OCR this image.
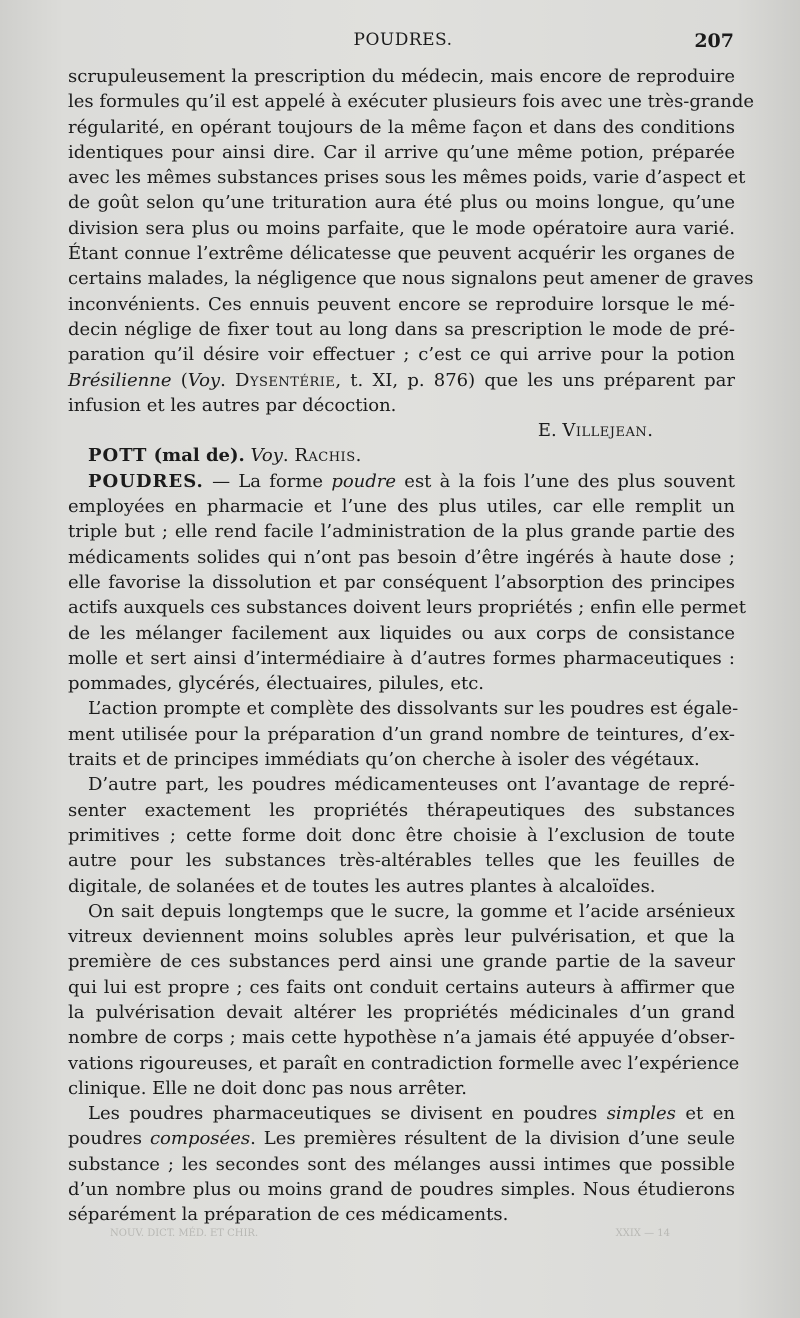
POUDRES.	207
scrupuleusement la prescription du médecin, mais encore de reproduire
les formules qu’il est appelé à exécuter plusieurs fois avec une très-grande
régularité, en opérant toujours de la même façon et dans des conditions
identiques pour ainsi dire. Car il arrive qu’une même potion, préparée
avec les mêmes substances prises sous les mêmes poids, varie d’aspect et
de goût selon qu’une trituration aura été plus ou moins longue, qu’une
division sera plus ou moins parfaite, que le mode opératoire aura varié.
Étant connue l’extrême délicatesse que peuvent acquérir les organes de
certains malades, la négligence que nous signalons peut amener de graves
inconvénients. Ces ennuis peuvent encore se reproduire lorsque le mé-
decin néglige de fixer tout au long dans sa prescription le mode de pré-
paration qu’il désire voir effectuer ; c’est ce qui arrive pour la potion
Brésilienne (Voy. Dysentérie, t. XI, p. 876) que les uns préparent par
infusion et les autres par décoction.
E. Villejean.
POTT (mal de). Voy. Rachis.
POUDRES. — La forme poudre est à la fois l’une des plus souvent
employées en pharmacie et l’une des plus utiles, car elle remplit un
triple but ; elle rend facile l’administration de la plus grande partie des
médicaments solides qui n’ont pas besoin d’être ingérés à haute dose ;
elle favorise la dissolution et par conséquent l’absorption des principes
actifs auxquels ces substances doivent leurs propriétés ; enfin elle permet
de les mélanger facilement aux liquides ou aux corps de consistance
molle et sert ainsi d’intermédiaire à d’autres formes pharmaceutiques :
pommades, glycérés, électuaires, pilules, etc.
L’action prompte et complète des dissolvants sur les poudres est égale-
ment utilisée pour la préparation d’un grand nombre de teintures, d’ex-
traits et de principes immédiats qu’on cherche à isoler des végétaux.
D’autre part, les poudres médicamenteuses ont l’avantage de repré-
senter exactement les propriétés thérapeutiques des substances
primitives ; cette forme doit donc être choisie à l’exclusion de toute
autre pour les substances très-altérables telles que les feuilles de
digitale, de solanées et de toutes les autres plantes à alcaloïdes.
On sait depuis longtemps que le sucre, la gomme et l’acide arsénieux
vitreux deviennent moins solubles après leur pulvérisation, et que la
première de ces substances perd ainsi une grande partie de la saveur
qui lui est propre ; ces faits ont conduit certains auteurs à affirmer que
la pulvérisation devait altérer les propriétés médicinales d’un grand
nombre de corps ; mais cette hypothèse n’a jamais été appuyée d’obser-
vations rigoureuses, et paraît en contradiction formelle avec l’expérience
clinique. Elle ne doit donc pas nous arrêter.
Les poudres pharmaceutiques se divisent en poudres simples et en
poudres composées. Les premières résultent de la division d’une seule
substance ; les secondes sont des mélanges aussi intimes que possible
d’un nombre plus ou moins grand de poudres simples. Nous étudierons
séparément la préparation de ces médicaments.
NOUV. DICT. MÉD. ET CHIR.	XXIX — 14
